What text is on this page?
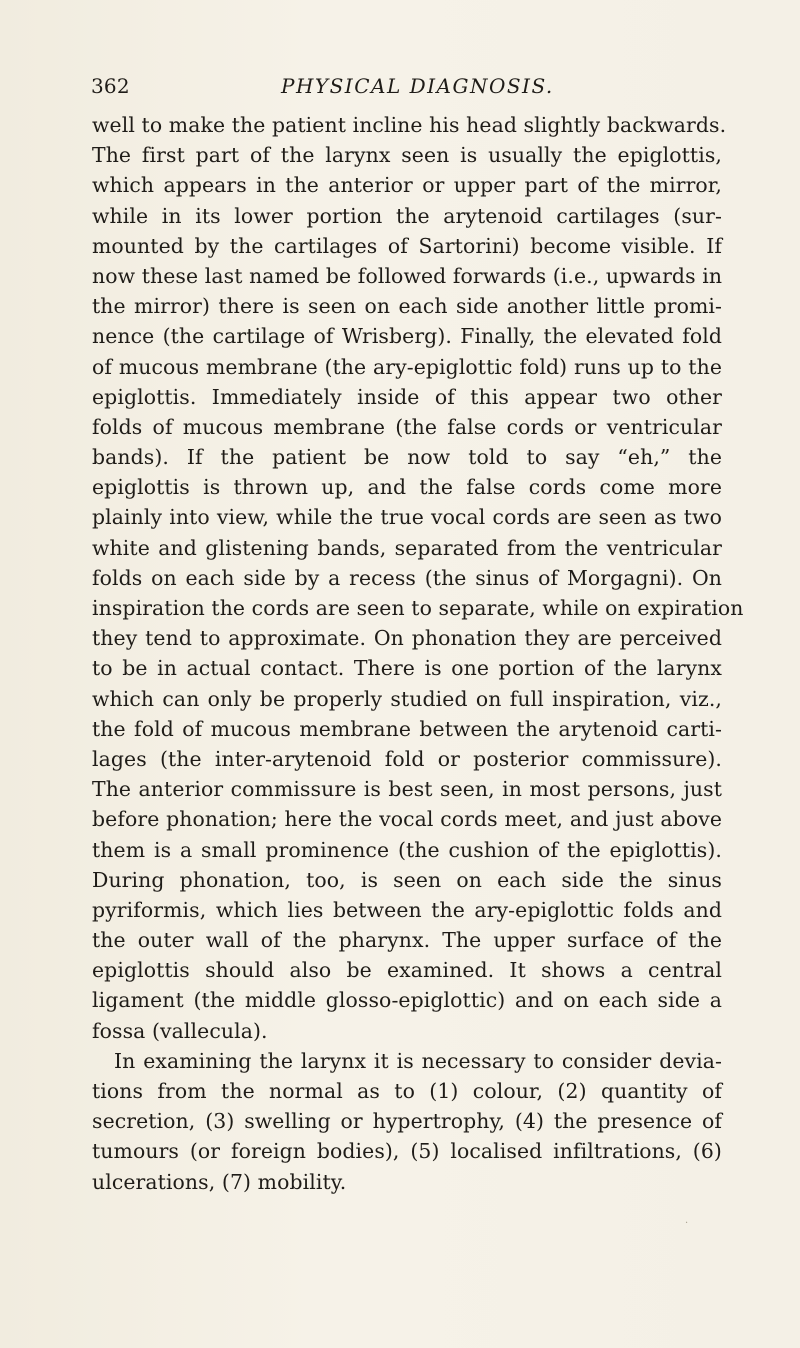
362	PHYSICAL DIAGNOSIS.
well to make the patient incline his head slightly backwards.
The first part of the larynx seen is usually the epiglottis,
which appears in the anterior or upper part of the mirror,
while in its lower portion the arytenoid cartilages (sur-
mounted by the cartilages of Sartorini) become visible. If
now these last named be followed forwards (i.e., upwards in
the mirror) there is seen on each side another little promi-
nence (the cartilage of Wrisberg). Finally, the elevated fold
of mucous membrane (the ary-epiglottic fold) runs up to the
epiglottis. Immediately inside of this appear two other
folds of mucous membrane (the false cords or ventricular
bands). If the patient be now told to say “eh,” the
epiglottis is thrown up, and the false cords come more
plainly into view, while the true vocal cords are seen as two
white and glistening bands, separated from the ventricular
folds on each side by a recess (the sinus of Morgagni). On
inspiration the cords are seen to separate, while on expiration
they tend to approximate. On phonation they are perceived
to be in actual contact. There is one portion of the larynx
which can only be properly studied on full inspiration, viz.,
the fold of mucous membrane between the arytenoid carti-
lages (the inter-arytenoid fold or posterior commissure).
The anterior commissure is best seen, in most persons, just
before phonation; here the vocal cords meet, and just above
them is a small prominence (the cushion of the epiglottis).
During phonation, too, is seen on each side the sinus
pyriformis, which lies between the ary-epiglottic folds and
the outer wall of the pharynx. The upper surface of the
epiglottis should also be examined. It shows a central
ligament (the middle glosso-epiglottic) and on each side a
fossa (vallecula).
In examining the larynx it is necessary to consider devia-
tions from the normal as to (1) colour, (2) quantity of
secretion, (3) swelling or hypertrophy, (4) the presence of
tumours (or foreign bodies), (5) localised infiltrations, (6)
ulcerations, (7) mobility.
·
